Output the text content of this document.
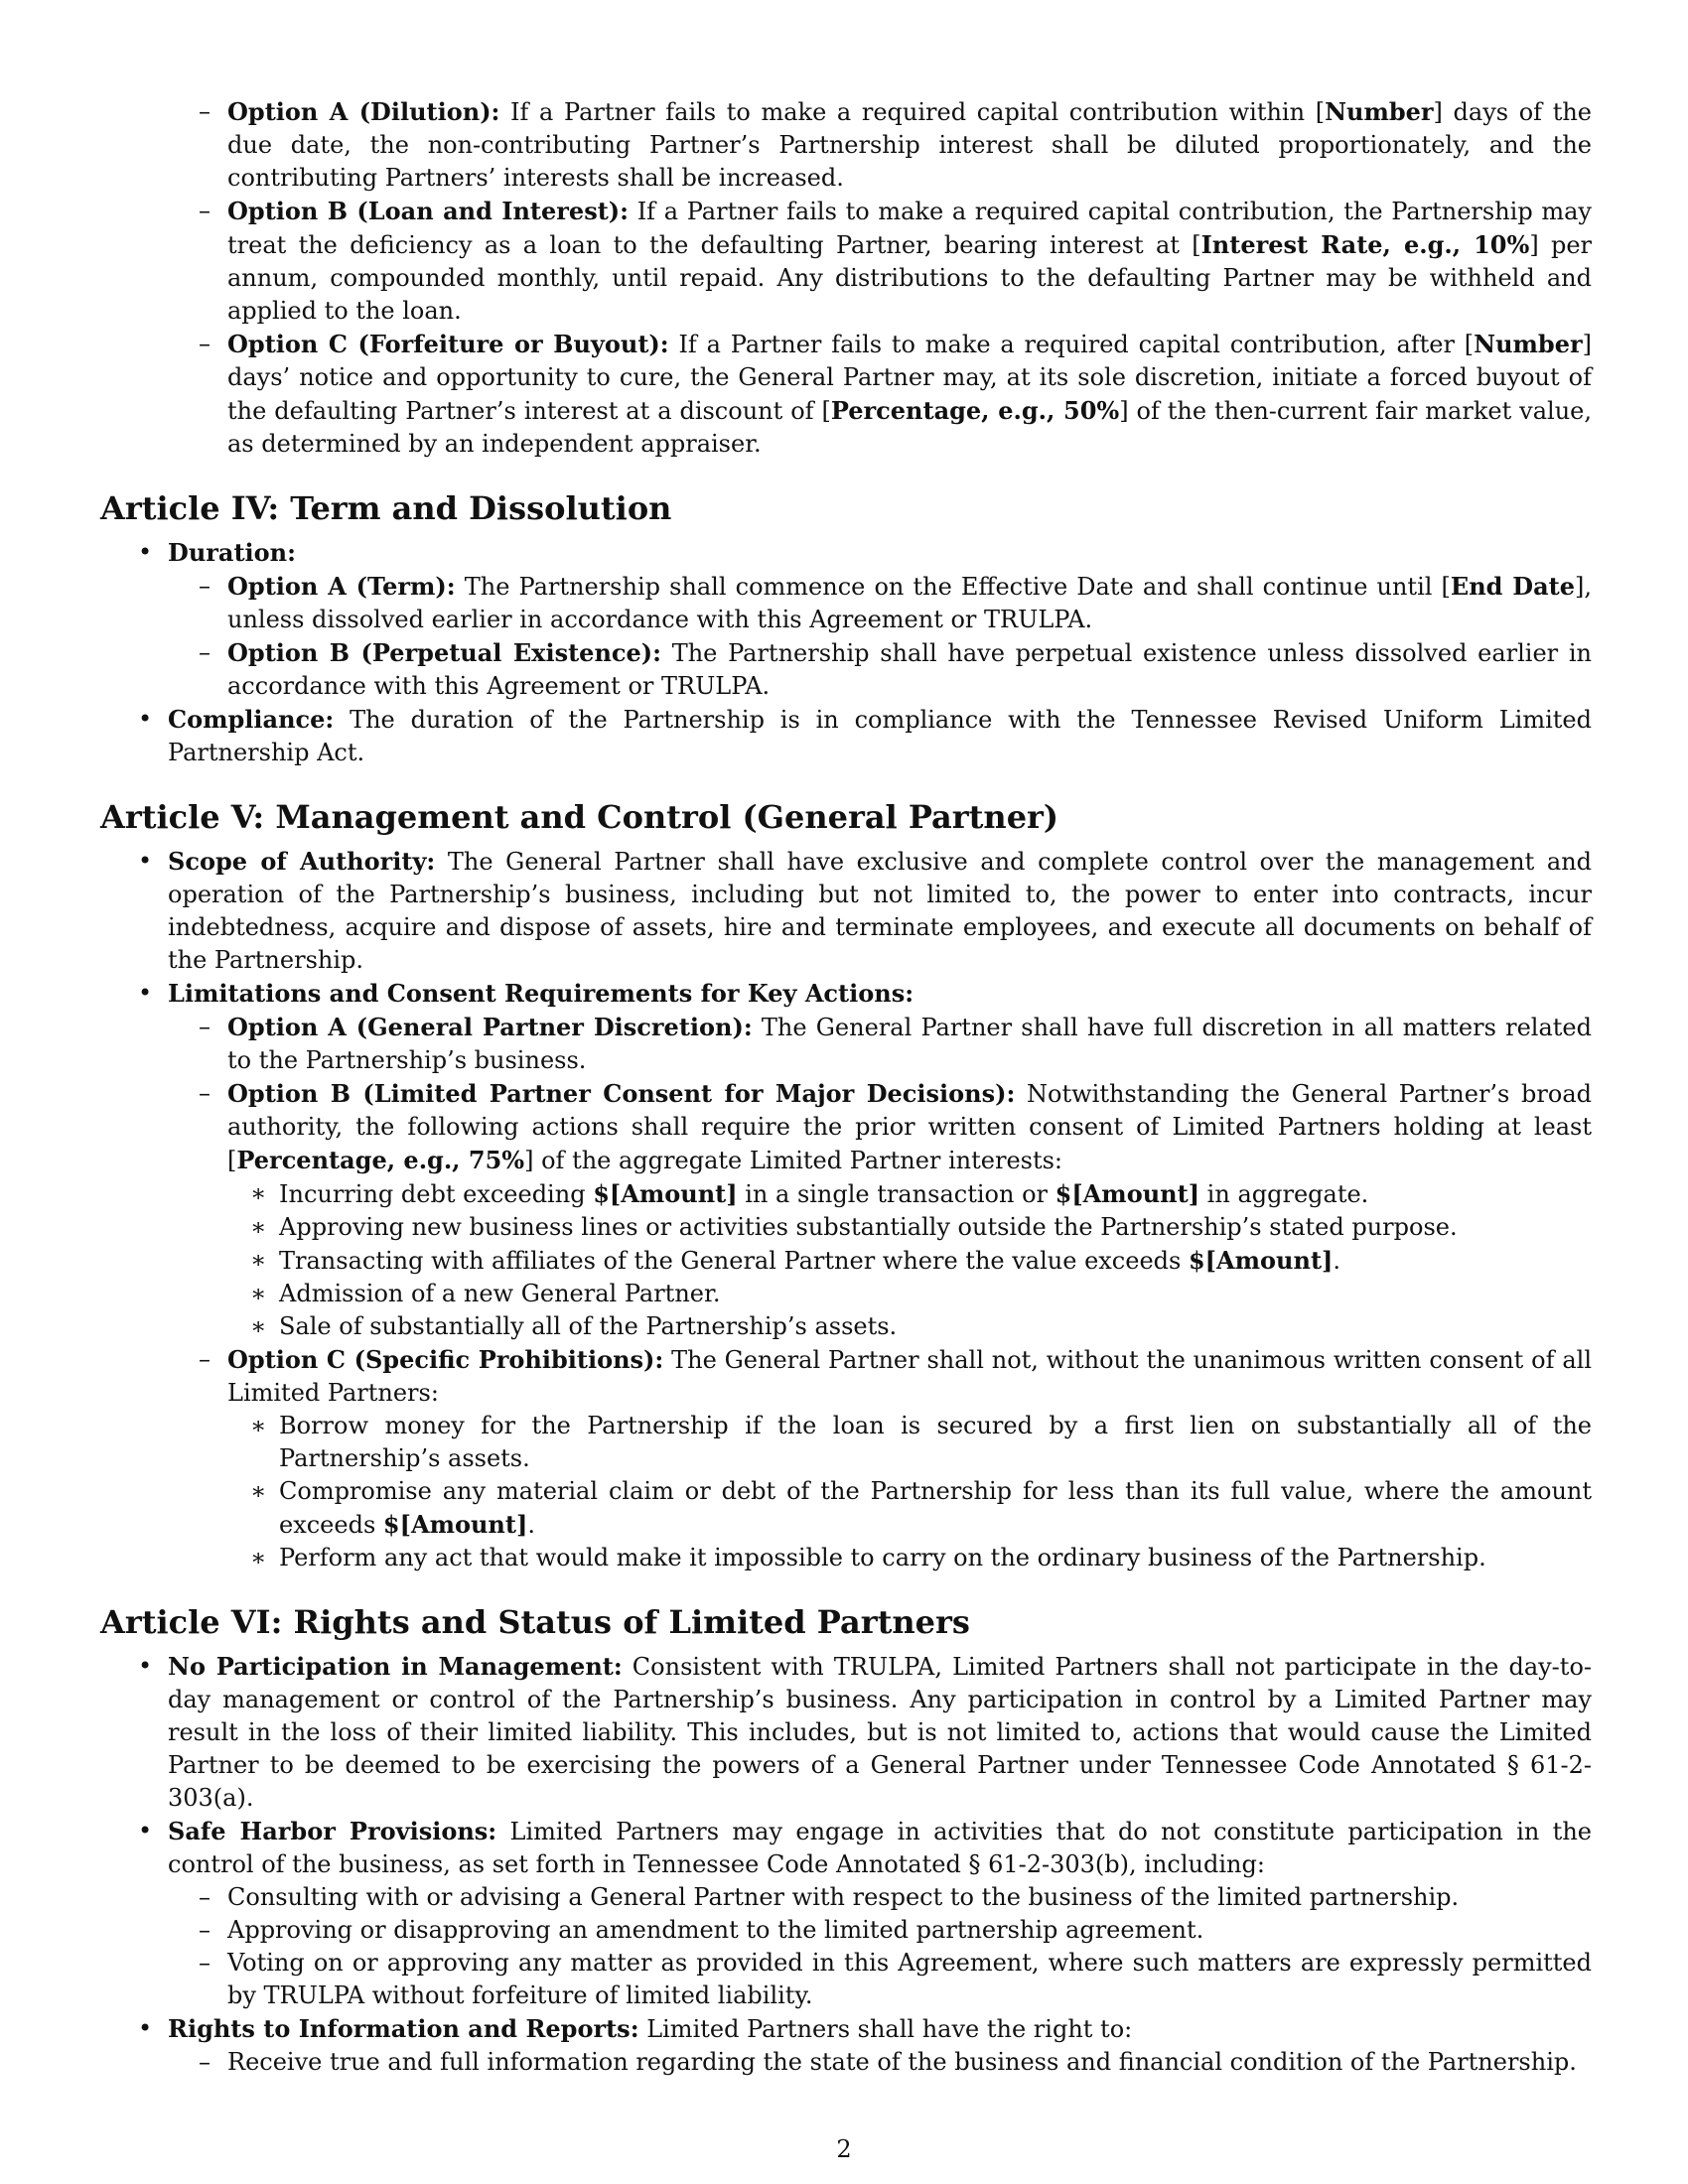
– Option A (Dilution): If a Partner fails to make a required capital contribution within [Number] days of the due date, the non-contributing Partner’s Partnership interest shall be diluted proportionately, and the contributing Partners’ interests shall be increased.

– Option B (Loan and Interest): If a Partner fails to make a required capital contribution, the Partnership may treat the deficiency as a loan to the defaulting Partner, bearing interest at [Interest Rate, e.g., 10%] per annum, compounded monthly, until repaid. Any distributions to the defaulting Partner may be withheld and applied to the loan.

– Option C (Forfeiture or Buyout): If a Partner fails to make a required capital contribution, after [Number] days’ notice and opportunity to cure, the General Partner may, at its sole discretion, initiate a forced buyout of the defaulting Partner’s interest at a discount of [Percentage, e.g., 50%] of the then-current fair market value, as determined by an independent appraiser.

Article IV: Term and Dissolution

• Duration:

– Option A (Term): The Partnership shall commence on the Effective Date and shall continue until [End Date], unless dissolved earlier in accordance with this Agreement or TRULPA.

– Option B (Perpetual Existence): The Partnership shall have perpetual existence unless dissolved earlier in accordance with this Agreement or TRULPA.

• Compliance: The duration of the Partnership is in compliance with the Tennessee Revised Uniform Limited Partnership Act.

Article V: Management and Control (General Partner)

• Scope of Authority: The General Partner shall have exclusive and complete control over the management and operation of the Partnership’s business, including but not limited to, the power to enter into contracts, incur indebtedness, acquire and dispose of assets, hire and terminate employees, and execute all documents on behalf of the Partnership.

• Limitations and Consent Requirements for Key Actions:

– Option A (General Partner Discretion): The General Partner shall have full discretion in all matters related to the Partnership’s business.

– Option B (Limited Partner Consent for Major Decisions): Notwithstanding the General Partner’s broad authority, the following actions shall require the prior written consent of Limited Partners holding at least [Percentage, e.g., 75%] of the aggregate Limited Partner interests:

∗ Incurring debt exceeding $[Amount] in a single transaction or $[Amount] in aggregate.

∗ Approving new business lines or activities substantially outside the Partnership’s stated purpose.

∗ Transacting with affiliates of the General Partner where the value exceeds $[Amount].

∗ Admission of a new General Partner.

∗ Sale of substantially all of the Partnership’s assets.

– Option C (Specific Prohibitions): The General Partner shall not, without the unanimous written consent of all Limited Partners:

∗ Borrow money for the Partnership if the loan is secured by a first lien on substantially all of the Partnership’s assets.

∗ Compromise any material claim or debt of the Partnership for less than its full value, where the amount exceeds $[Amount].

∗ Perform any act that would make it impossible to carry on the ordinary business of the Partnership.

Article VI: Rights and Status of Limited Partners

• No Participation in Management: Consistent with TRULPA, Limited Partners shall not participate in the day-to-day management or control of the Partnership’s business. Any participation in control by a Limited Partner may result in the loss of their limited liability. This includes, but is not limited to, actions that would cause the Limited Partner to be deemed to be exercising the powers of a General Partner under Tennessee Code Annotated § 61-2-303(a).

• Safe Harbor Provisions: Limited Partners may engage in activities that do not constitute participation in the control of the business, as set forth in Tennessee Code Annotated § 61-2-303(b), including:

– Consulting with or advising a General Partner with respect to the business of the limited partnership.

– Approving or disapproving an amendment to the limited partnership agreement.

– Voting on or approving any matter as provided in this Agreement, where such matters are expressly permitted by TRULPA without forfeiture of limited liability.

• Rights to Information and Reports: Limited Partners shall have the right to:

– Receive true and full information regarding the state of the business and financial condition of the Partnership.

2
